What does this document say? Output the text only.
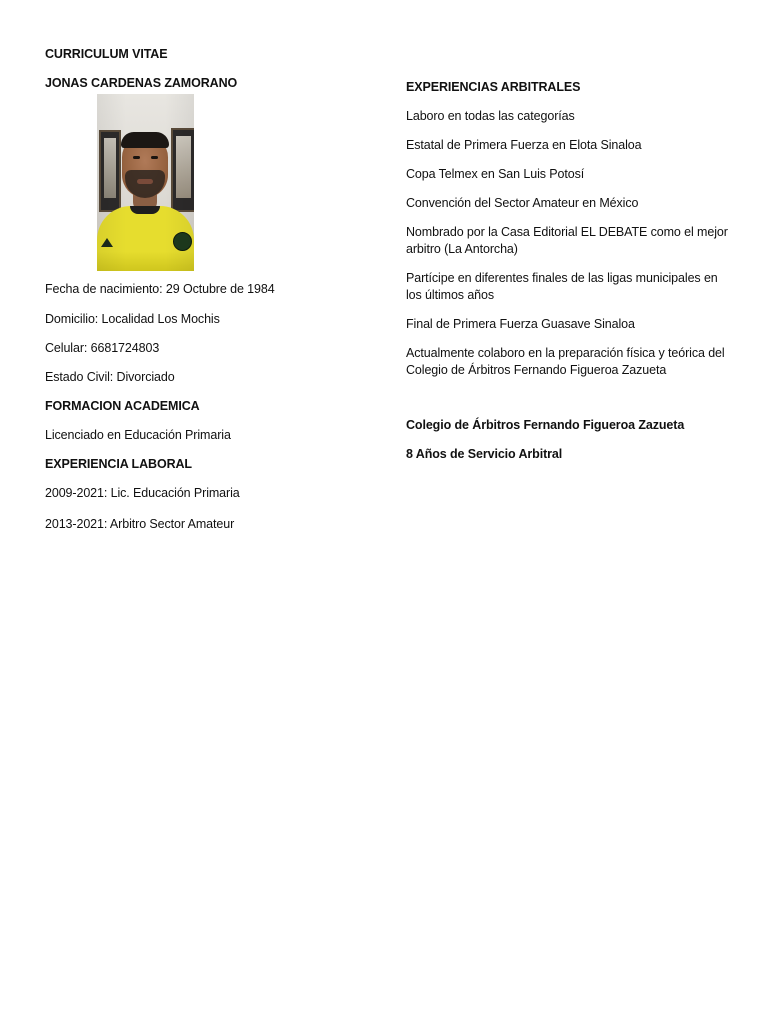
CURRICULUM VITAE

JONAS CARDENAS ZAMORANO

Fecha de nacimiento: 29 Octubre de 1984

Domicilio: Localidad Los Mochis

Celular: 6681724803

Estado Civil: Divorciado

FORMACION ACADEMICA

Licenciado en Educación Primaria

EXPERIENCIA LABORAL

2009-2021: Lic. Educación Primaria

2013-2021: Arbitro Sector Amateur

EXPERIENCIAS ARBITRALES

Laboro en todas las categorías

Estatal de Primera Fuerza en Elota Sinaloa

Copa Telmex en San Luis Potosí

Convención del Sector Amateur en México

Nombrado por la Casa Editorial EL DEBATE como el mejor arbitro (La Antorcha)

Partícipe en diferentes finales de las ligas municipales en los últimos años

Final de Primera Fuerza Guasave Sinaloa

Actualmente colaboro en la preparación física y teórica del Colegio de Árbitros Fernando Figueroa Zazueta

Colegio de Árbitros Fernando Figueroa Zazueta

8 Años de Servicio Arbitral
